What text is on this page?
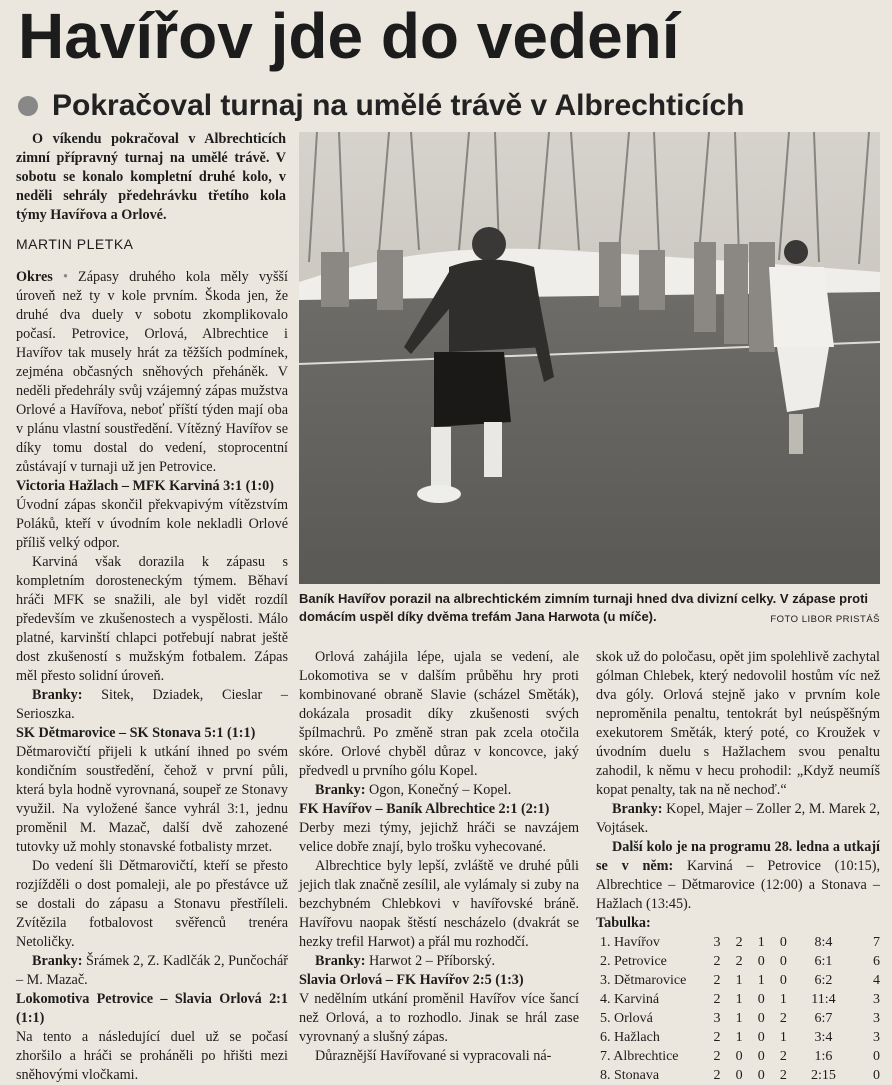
Havířov jde do vedení
Pokračoval turnaj na umělé trávě v Albrechticích
O víkendu pokračoval v Albrechticích zimní přípravný turnaj na umělé trávě. V sobotu se konalo kompletní druhé kolo, v neděli sehrály předehrávku třetího kola týmy Havířova a Orlové.
MARTIN PLETKA

Okres • Zápasy druhého kola měly vyšší úroveň než ty v kole prvním. Škoda jen, že druhé dva duely v sobotu zkomplikovalo počasí. Petrovice, Orlová, Albrechtice i Havířov tak musely hrát za těžších podmínek, zejména občasných sněhových přeháněk. V neděli předehrály svůj vzájemný zápas mužstva Orlové a Havířova, neboť příští týden mají oba v plánu vlastní soustředění. Vítězný Havířov se díky tomu dostal do vedení, stoprocentní zůstávají v turnaji už jen Petrovice.

Victoria Hažlach – MFK Karviná 3:1 (1:0)

Úvodní zápas skončil překvapivým vítězstvím Poláků, kteří v úvodním kole nekladli Orlové příliš velký odpor.

Karviná však dorazila k zápasu s kompletním dorosteneckým týmem. Běhaví hráči MFK se snažili, ale byl vidět rozdíl především ve zkušenostech a vyspělosti. Málo platné, karvinští chlapci potřebují nabrat ještě dost zkušeností s mužským fotbalem. Zápas měl přesto solidní úroveň.

Branky: Sitek, Dziadek, Cieslar – Serioszka.

SK Dětmarovice – SK Stonava 5:1 (1:1)

Dětmarovičtí přijeli k utkání ihned po svém kondičním soustředění, čehož v první půli, která byla hodně vyrovnaná, soupeř ze Stonavy využil. Na vyložené šance vyhrál 3:1, jednu proměnil M. Mazač, další dvě zahozené tutovky už mohly stonavské fotbalisty mrzet.

Do vedení šli Dětmarovičtí, kteří se přesto rozjížděli o dost pomaleji, ale po přestávce už se dostali do zápasu a Stonavu přestříleli. Zvítězila fotbalovost svěřenců trenéra Netoličky.

Branky: Šrámek 2, Z. Kadlčák 2, Punčochář – M. Mazač.

Lokomotiva Petrovice – Slavia Orlová 2:1 (1:1)

Na tento a následující duel už se počasí zhoršilo a hráči se proháněli po hřišti mezi sněhovými vločkami.

Baník Havířov porazil na albrechtickém zimním turnaji hned dva divizní celky. V zápase proti domácím uspěl díky dvěma trefám Jana Harwota (u míče).	FOTO LIBOR PRISTÁŠ

Orlová zahájila lépe, ujala se vedení, ale Lokomotiva se v dalším průběhu hry proti kombinované obraně Slavie (scházel Směták), dokázala prosadit díky zkušenosti svých špílmachrů. Po změně stran pak zcela otočila skóre. Orlové chyběl důraz v koncovce, jaký předvedl u prvního gólu Kopel.

Branky: Ogon, Konečný – Kopel.

FK Havířov – Baník Albrechtice 2:1 (2:1)

Derby mezi týmy, jejichž hráči se navzájem velice dobře znají, bylo trošku vyhecované.

Albrechtice byly lepší, zvláště ve druhé půli jejich tlak značně zesílil, ale vylámaly si zuby na bezchybném Chlebkovi v havířovské bráně. Havířovu naopak štěstí nescházelo (dvakrát se hezky trefil Harwot) a přál mu rozhodčí.

Branky: Harwot 2 – Příborský.

Slavia Orlová – FK Havířov 2:5 (1:3)

V nedělním utkání proměnil Havířov více šancí než Orlová, a to rozhodlo. Jinak se hrál zase vyrovnaný a slušný zápas.

Důraznější Havířované si vypracovali ná-

skok už do poločasu, opět jim spolehlivě zachytal gólman Chlebek, který nedovolil hostům víc než dva góly. Orlová stejně jako v prvním kole neproměnila penaltu, tentokrát byl neúspěšným exekutorem Směták, který poté, co Kroužek v úvodním duelu s Hažlachem svou penaltu zahodil, k němu v hecu prohodil: „Když neumíš kopat penalty, tak na ně nechoď.“

Branky: Kopel, Majer – Zoller 2, M. Marek 2, Vojtásek.

Další kolo je na programu 28. ledna a utkají se v něm: Karviná – Petrovice (10:15), Albrechtice – Dětmarovice (12:00) a Stonava – Hažlach (13:45).

Tabulka:

1. Havířov	3	2	1	0	8:4	7
2. Petrovice	2	2	0	0	6:1	6
3. Dětmarovice	2	1	1	0	6:2	4
4. Karviná	2	1	0	1	11:4	3
5. Orlová	3	1	0	2	6:7	3
6. Hažlach	2	1	0	1	3:4	3
7. Albrechtice	2	0	0	2	1:6	0
8. Stonava	2	0	0	2	2:15	0
